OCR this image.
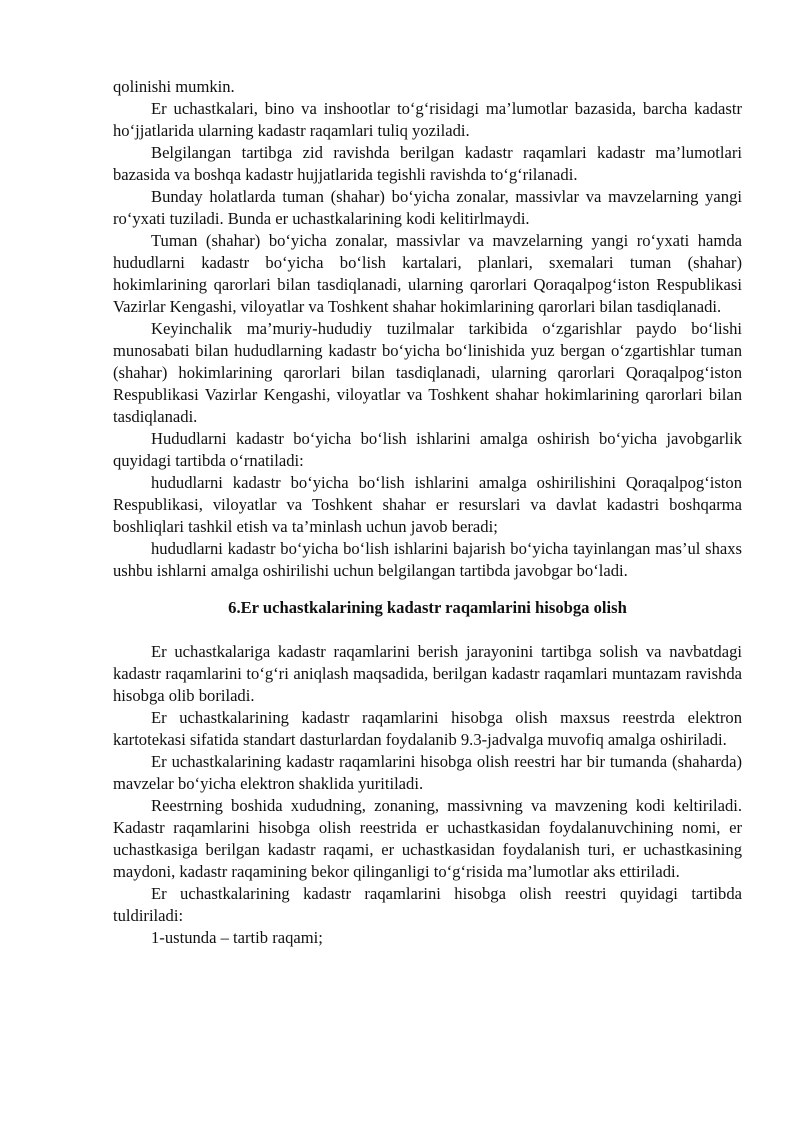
qolinishi mumkin.

Er uchastkalari, bino va inshootlar to‘g‘risidagi ma’lumotlar bazasida, barcha kadastr ho‘jjatlarida ularning kadastr raqamlari tuliq yoziladi.

Belgilangan tartibga zid ravishda berilgan kadastr raqamlari kadastr ma’lumotlari bazasida va boshqa kadastr hujjatlarida tegishli ravishda to‘g‘rilanadi.

Bunday holatlarda tuman (shahar) bo‘yicha zonalar, massivlar va mavzelarning yangi ro‘yxati tuziladi. Bunda er uchastkalarining kodi kelitirlmaydi.

Tuman (shahar) bo‘yicha zonalar, massivlar va mavzelarning yangi ro‘yxati hamda hududlarni kadastr bo‘yicha bo‘lish kartalari, planlari, sxemalari tuman (shahar) hokimlarining qarorlari bilan tasdiqlanadi, ularning qarorlari Qoraqalpog‘iston Respublikasi Vazirlar Kengashi, viloyatlar va Toshkent shahar hokimlarining qarorlari bilan tasdiqlanadi.

Keyinchalik ma’muriy-hududiy tuzilmalar tarkibida o‘zgarishlar paydo bo‘lishi munosabati bilan hududlarning kadastr bo‘yicha bo‘linishida yuz bergan o‘zgartishlar tuman (shahar) hokimlarining qarorlari bilan tasdiqlanadi, ularning qarorlari Qoraqalpog‘iston Respublikasi Vazirlar Kengashi, viloyatlar va Toshkent shahar hokimlarining qarorlari bilan tasdiqlanadi.

Hududlarni kadastr bo‘yicha bo‘lish ishlarini amalga oshirish bo‘yicha javobgarlik quyidagi tartibda o‘rnatiladi:

hududlarni kadastr bo‘yicha bo‘lish ishlarini amalga oshirilishini Qoraqalpog‘iston Respublikasi, viloyatlar va Toshkent shahar er resurslari va davlat kadastri boshqarma boshliqlari tashkil etish va ta’minlash uchun javob beradi;

hududlarni kadastr bo‘yicha bo‘lish ishlarini bajarish bo‘yicha tayinlangan mas’ul shaxs ushbu ishlarni amalga oshirilishi uchun belgilangan tartibda javobgar bo‘ladi.

6.Er uchastkalarining kadastr raqamlarini hisobga olish

Er uchastkalariga kadastr raqamlarini berish jarayonini tartibga solish va navbatdagi kadastr raqamlarini to‘g‘ri aniqlash maqsadida, berilgan kadastr raqamlari muntazam ravishda hisobga olib boriladi.

Er uchastkalarining kadastr raqamlarini hisobga olish maxsus reestrda elektron kartotekasi sifatida standart dasturlardan foydalanib 9.3-jadvalga muvofiq amalga oshiriladi.

Er uchastkalarining kadastr raqamlarini hisobga olish reestri har bir tumanda (shaharda) mavzelar bo‘yicha elektron shaklida yuritiladi.

Reestrning boshida xududning, zonaning, massivning va mavzening kodi keltiriladi. Kadastr raqamlarini hisobga olish reestrida er uchastkasidan foydalanuvchining nomi, er uchastkasiga berilgan kadastr raqami, er uchastkasidan foydalanish turi, er uchastkasining maydoni, kadastr raqamining bekor qilinganligi to‘g‘risida ma’lumotlar aks ettiriladi.

Er uchastkalarining kadastr raqamlarini hisobga olish reestri quyidagi tartibda tuldiriladi:

1-ustunda – tartib raqami;
